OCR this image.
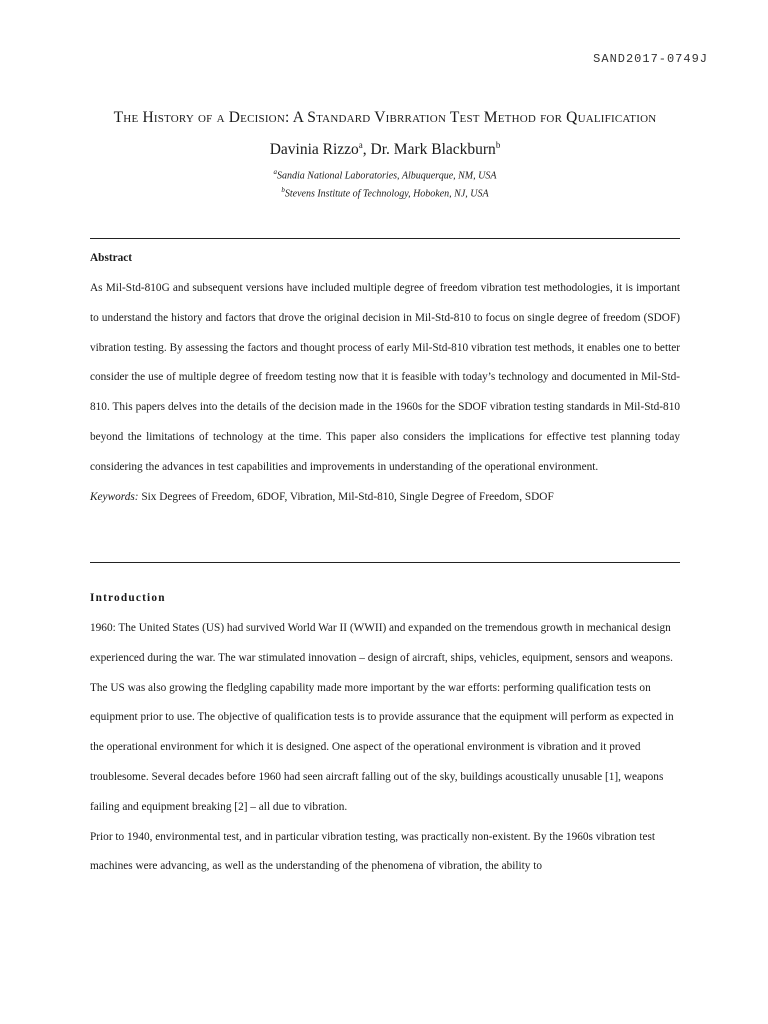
SAND2017-0749J
The History of a Decision: A Standard Vibrration Test Method for Qualification
Davinia Rizzo$^a$, Dr. Mark Blackburn$^b$
$^a$Sandia National Laboratories, Albuquerque, NM, USA
$^b$Stevens Institute of Technology, Hoboken, NJ, USA
Abstract

As Mil-Std-810G and subsequent versions have included multiple degree of freedom vibration test methodologies, it is important to understand the history and factors that drove the original decision in Mil-Std-810 to focus on single degree of freedom (SDOF) vibration testing. By assessing the factors and thought process of early Mil-Std-810 vibration test methods, it enables one to better consider the use of multiple degree of freedom testing now that it is feasible with today’s technology and documented in Mil-Std-810. This papers delves into the details of the decision made in the 1960s for the SDOF vibration testing standards in Mil-Std-810 beyond the limitations of technology at the time. This paper also considers the implications for effective test planning today considering the advances in test capabilities and improvements in understanding of the operational environment.

Keywords: Six Degrees of Freedom, 6DOF, Vibration, Mil-Std-810, Single Degree of Freedom, SDOF

Introduction

1960: The United States (US) had survived World War II (WWII) and expanded on the tremendous growth in mechanical design experienced during the war. The war stimulated innovation – design of aircraft, ships, vehicles, equipment, sensors and weapons.

The US was also growing the fledgling capability made more important by the war efforts: performing qualification tests on equipment prior to use. The objective of qualification tests is to provide assurance that the equipment will perform as expected in the operational environment for which it is designed. One aspect of the operational environment is vibration and it proved troublesome. Several decades before 1960 had seen aircraft falling out of the sky, buildings acoustically unusable [1], weapons failing and equipment breaking [2] – all due to vibration.

Prior to 1940, environmental test, and in particular vibration testing, was practically non-existent. By the 1960s vibration test machines were advancing, as well as the understanding of the phenomena of vibration, the ability to
